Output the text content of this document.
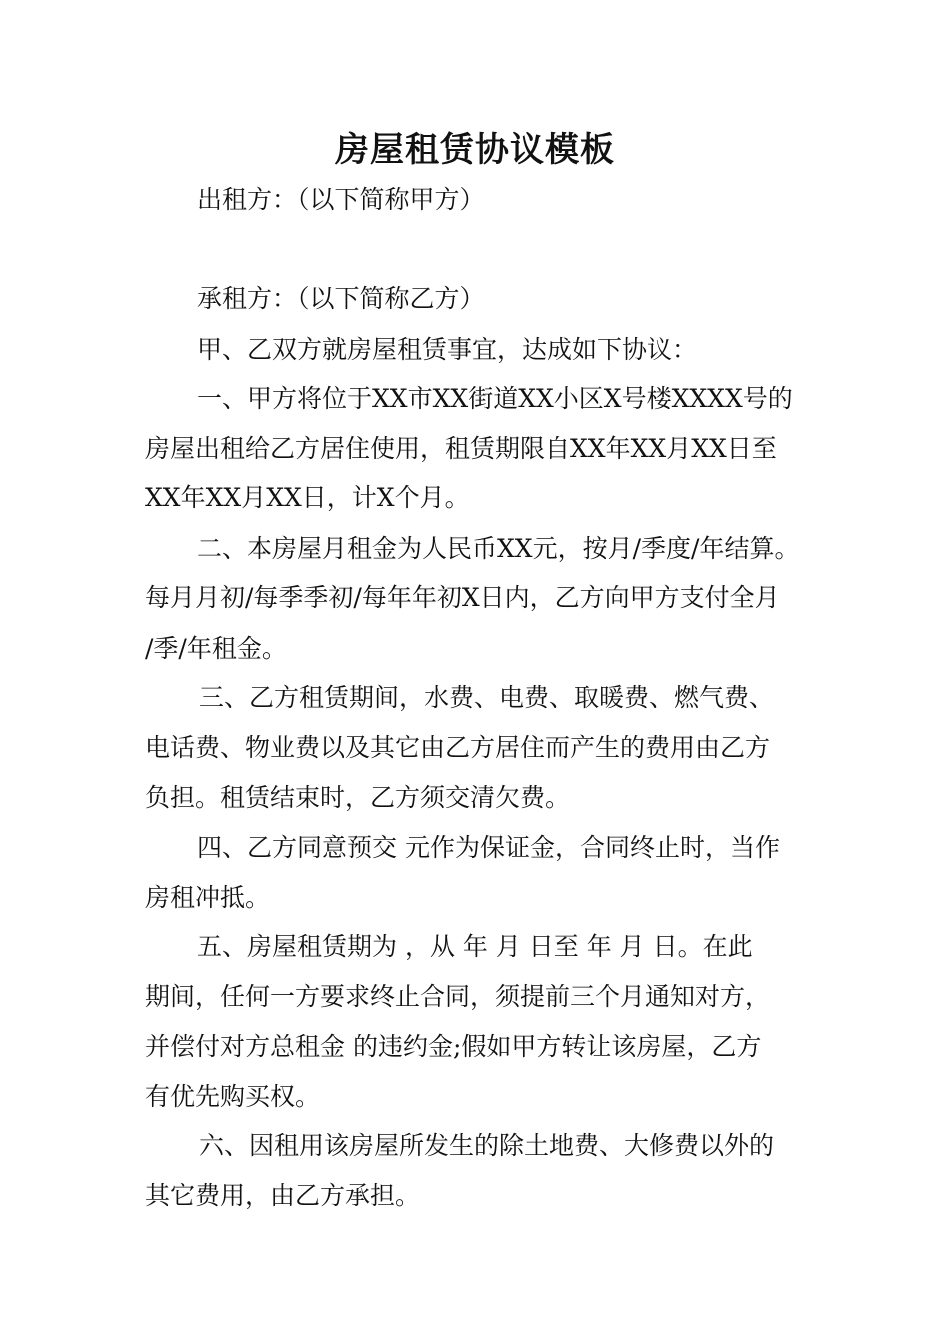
房屋租赁协议模板
出租方：（以下简称甲方）
承租方：（以下简称乙方）
甲、乙双方就房屋租赁事宜，达成如下协议：
一、甲方将位于XX市XX街道XX小区X号楼XXXX号的
房屋出租给乙方居住使用，租赁期限自XX年XX月XX日至
XX年XX月XX日，计X个月。
二、本房屋月租金为人民币XX元，按月/季度/年结算。
每月月初/每季季初/每年年初X日内，乙方向甲方支付全月
/季/年租金。
三、乙方租赁期间，水费、电费、取暖费、燃气费、
电话费、物业费以及其它由乙方居住而产生的费用由乙方
负担。租赁结束时，乙方须交清欠费。
四、乙方同意预交 元作为保证金，合同终止时，当作
房租冲抵。
五、房屋租赁期为 ，从 年 月 日至 年 月 日。在此
期间，任何一方要求终止合同，须提前三个月通知对方，
并偿付对方总租金 的违约金;假如甲方转让该房屋，乙方
有优先购买权。
六、因租用该房屋所发生的除土地费、大修费以外的
其它费用，由乙方承担。
